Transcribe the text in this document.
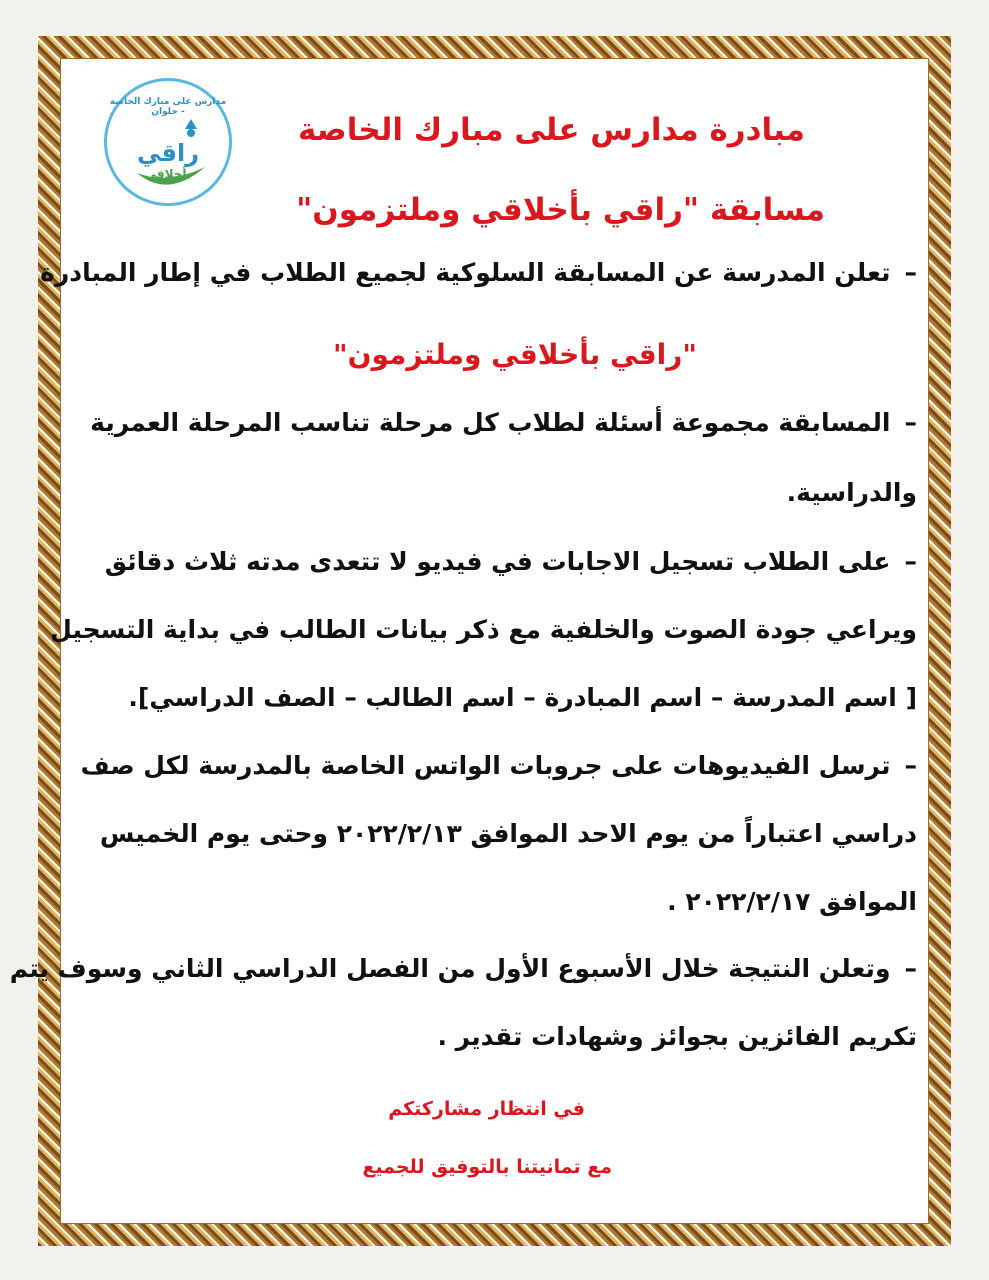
مدارس على مبارك الخاصة - حلوان
راقي
بأخلاقي
مبادرة مدارس على مبارك الخاصة
مسابقة "راقي بأخلاقي وملتزمون"
–تعلن المدرسة عن المسابقة السلوكية لجميع الطلاب في إطار المبادرة
"راقي بأخلاقي وملتزمون"
–المسابقة مجموعة أسئلة لطلاب كل مرحلة تناسب المرحلة العمرية
والدراسية.
–على الطلاب تسجيل الاجابات في فيديو لا تتعدى مدته ثلاث دقائق
ويراعي جودة الصوت والخلفية مع ذكر بيانات الطالب في بداية التسجيل
[ اسم المدرسة – اسم المبادرة – اسم الطالب – الصف الدراسي].
–ترسل الفيديوهات على جروبات الواتس الخاصة بالمدرسة لكل صف
دراسي اعتباراً من يوم الاحد الموافق ٢٠٢٢/٢/١٣ وحتى يوم الخميس
الموافق ٢٠٢٢/٢/١٧ .
–وتعلن النتيجة خلال الأسبوع الأول من الفصل الدراسي الثاني وسوف يتم
تكريم الفائزين بجوائز وشهادات تقدير .
في انتظار مشاركتكم
مع تمانيتنا بالتوفيق للجميع
